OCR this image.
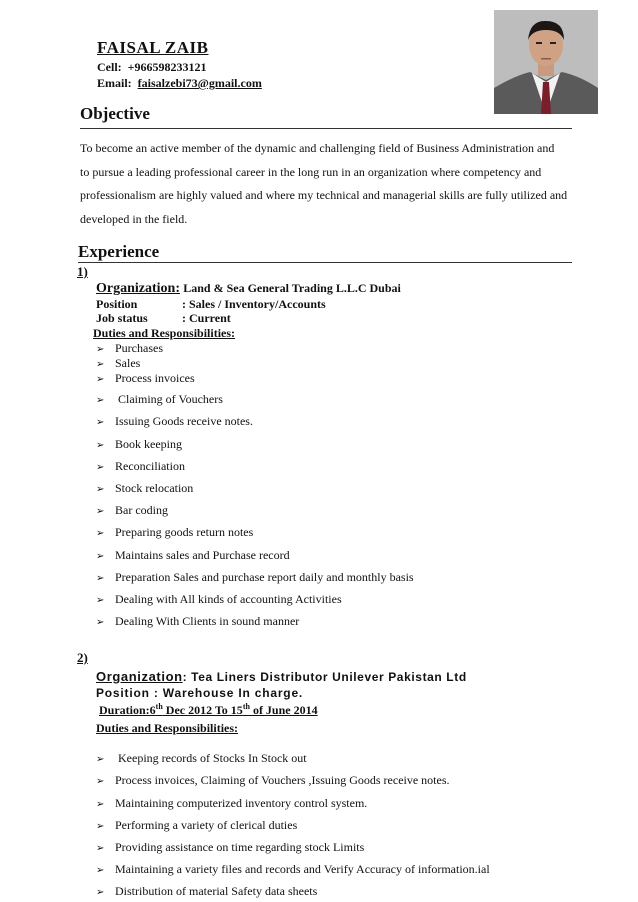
FAISAL ZAIB
Cell: +966598233121
Email: faisalzebi73@gmail.com
Objective
To become an active member of the dynamic and challenging field of Business Administration and
to pursue a leading professional career in the long run in an organization where competency and
professionalism are highly valued and where my technical and managerial skills are fully utilized and
developed in the field.
Experience
1)
Organization: Land & Sea General Trading L.L.C Dubai
Position	: Sales / Inventory/Accounts
Job status	: Current
Duties and Responsibilities:
➢ Purchases
➢ Sales
➢ Process invoices
➢ Claiming of Vouchers
➢ Issuing Goods receive notes.
➢ Book keeping
➢ Reconciliation
➢ Stock relocation
➢ Bar coding
➢ Preparing goods return notes
➢ Maintains sales and Purchase record
➢ Preparation Sales and purchase report daily and monthly basis
➢ Dealing with All kinds of accounting Activities
➢ Dealing With Clients in sound manner
2)
Organization: Tea Liners Distributor Unilever Pakistan Ltd
Position : Warehouse In charge.
Duration:6th Dec 2012 To 15th of June 2014
Duties and Responsibilities:
➢ Keeping records of Stocks In Stock out
➢ Process invoices, Claiming of Vouchers ,Issuing Goods receive notes.
➢ Maintaining computerized inventory control system.
➢ Performing a variety of clerical duties
➢ Providing assistance on time regarding stock Limits
➢ Maintaining a variety files and records and Verify Accuracy of information.ial
➢ Distribution of material Safety data sheets
